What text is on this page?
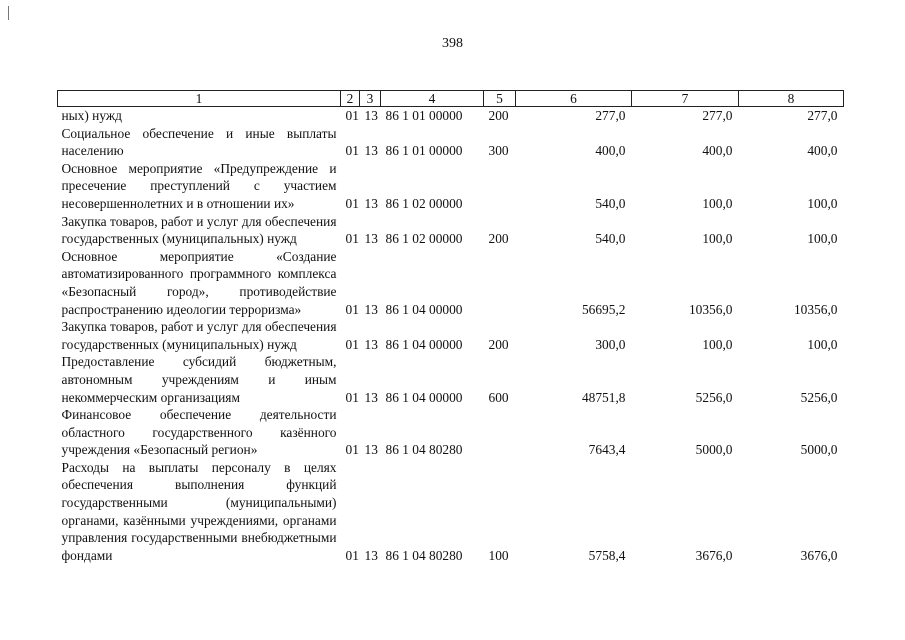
398
1	2	3	4	5	6	7	8
ных) нужд	01	13	86 1 01 00000	200	277,0	277,0	277,0
Социальное обеспечение и иные выплаты населению	01	13	86 1 01 00000	300	400,0	400,0	400,0
Основное мероприятие «Предупреждение и пресечение преступлений с участием несовершеннолетних и в отношении их»	01	13	86 1 02 00000		540,0	100,0	100,0
Закупка товаров, работ и услуг для обеспечения государственных (муниципальных) нужд	01	13	86 1 02 00000	200	540,0	100,0	100,0
Основное мероприятие «Создание автоматизированного программного комплекса «Безопасный город», противодействие распространению идеологии терроризма»	01	13	86 1 04 00000		56695,2	10356,0	10356,0
Закупка товаров, работ и услуг для обеспечения государственных (муниципальных) нужд	01	13	86 1 04 00000	200	300,0	100,0	100,0
Предоставление субсидий бюджетным, автономным учреждениям и иным некоммерческим организациям	01	13	86 1 04 00000	600	48751,8	5256,0	5256,0
Финансовое обеспечение деятельности областного государственного казённого учреждения «Безопасный регион»	01	13	86 1 04 80280		7643,4	5000,0	5000,0
Расходы на выплаты персоналу в целях обеспечения выполнения функций государственными (муниципальными) органами, казёнными учреждениями, органами управления государственными внебюджетными фондами	01	13	86 1 04 80280	100	5758,4	3676,0	3676,0
